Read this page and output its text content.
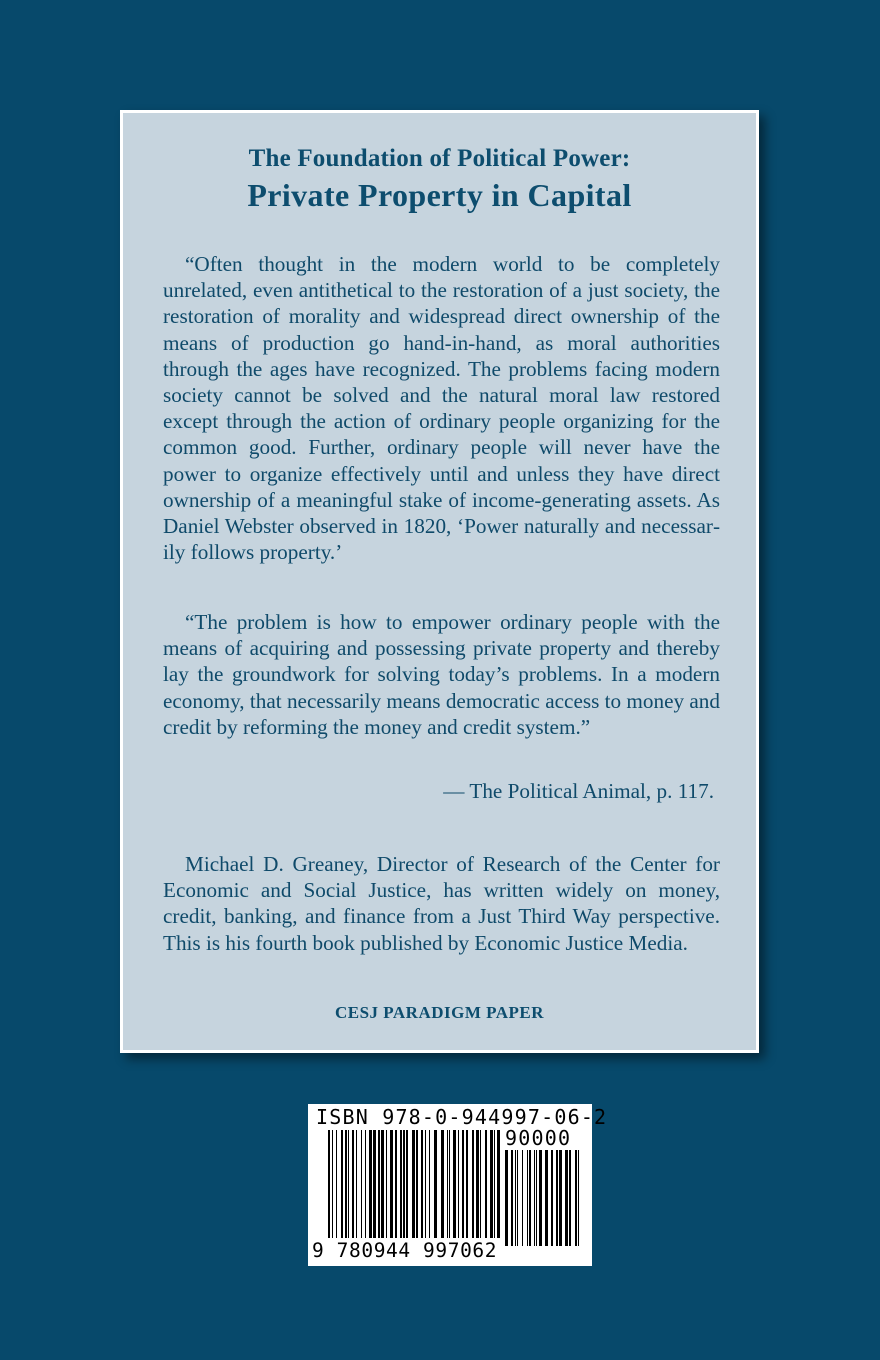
The Foundation of Political Power:
Private Property in Capital

“Often thought in the modern world to be completely unrelated, even antithetical to the restoration of a just society, the restoration of morality and widespread direct ownership of the means of production go hand-in-hand, as moral authorities through the ages have recognized. The problems facing modern society cannot be solved and the natural moral law restored except through the action of ordinary people organizing for the common good. Further, ordinary people will never have the power to organize effectively until and unless they have direct ownership of a meaningful stake of income-generating assets. As Daniel Webster observed in 1820, ‘Power naturally and necessarily follows property.’

“The problem is how to empower ordinary people with the means of acquiring and possessing private property and thereby lay the groundwork for solving today’s problems. In a modern economy, that necessarily means democratic access to money and credit by reforming the money and credit system.”

— The Political Animal, p. 117.

Michael D. Greaney, Director of Research of the Center for Economic and Social Justice, has written widely on money, credit, banking, and finance from a Just Third Way perspective. This is his fourth book published by Economic Justice Media.

CESJ PARADIGM PAPER
ISBN 978-0-944997-06-2
90000
9 780944 997062
